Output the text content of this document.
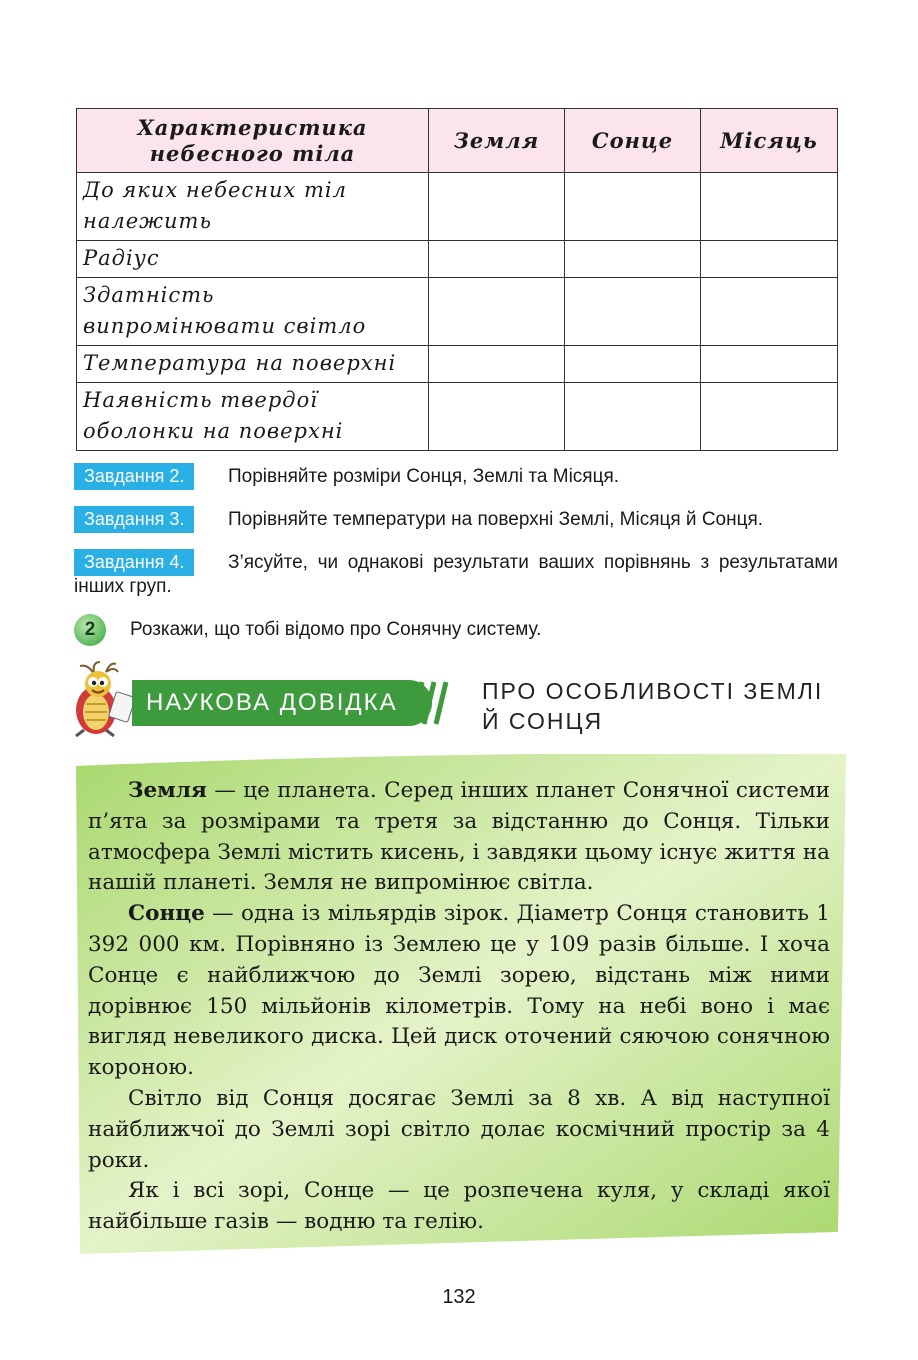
Характеристика небесного тіла	Земля	Сонце	Місяць
До яких небесних тіл належить			
Радіус			
Здатність випромінювати світло			
Температура на поверхні			
Наявність твердої оболонки на поверхні			
Завдання 2.	Порівняйте розміри Сонця, Землі та Місяця.
Завдання 3.	Порівняйте температури на поверхні Землі, Місяця й Сонця.
Завдання 4.	З’ясуйте, чи однакові результати ваших порівнянь з результатами інших груп.
2	Розкажи, що тобі відомо про Сонячну систему.
НАУКОВА ДОВІДКА	ПРО ОСОБЛИВОСТІ ЗЕМЛІ Й СОНЦЯ

Земля — це планета. Серед інших планет Сонячної системи п’ята за розмірами та третя за відстанню до Сонця. Тільки атмосфера Землі містить кисень, і завдяки цьому існує життя на нашій планеті. Земля не випромінює світла.

Сонце — одна із мільярдів зірок. Діаметр Сонця становить 1 392 000 км. Порівняно із Землею це у 109 разів більше. І хоча Сонце є найближчою до Землі зорею, відстань між ними дорівнює 150 мільйонів кілометрів. Тому на небі воно і має вигляд невеликого диска. Цей диск оточений сяючою сонячною короною.

Світло від Сонця досягає Землі за 8 хв. А від наступної найближчої до Землі зорі світло долає космічний простір за 4 роки.

Як і всі зорі, Сонце — це розпечена куля, у складі якої найбільше газів — водню та гелію.

132
